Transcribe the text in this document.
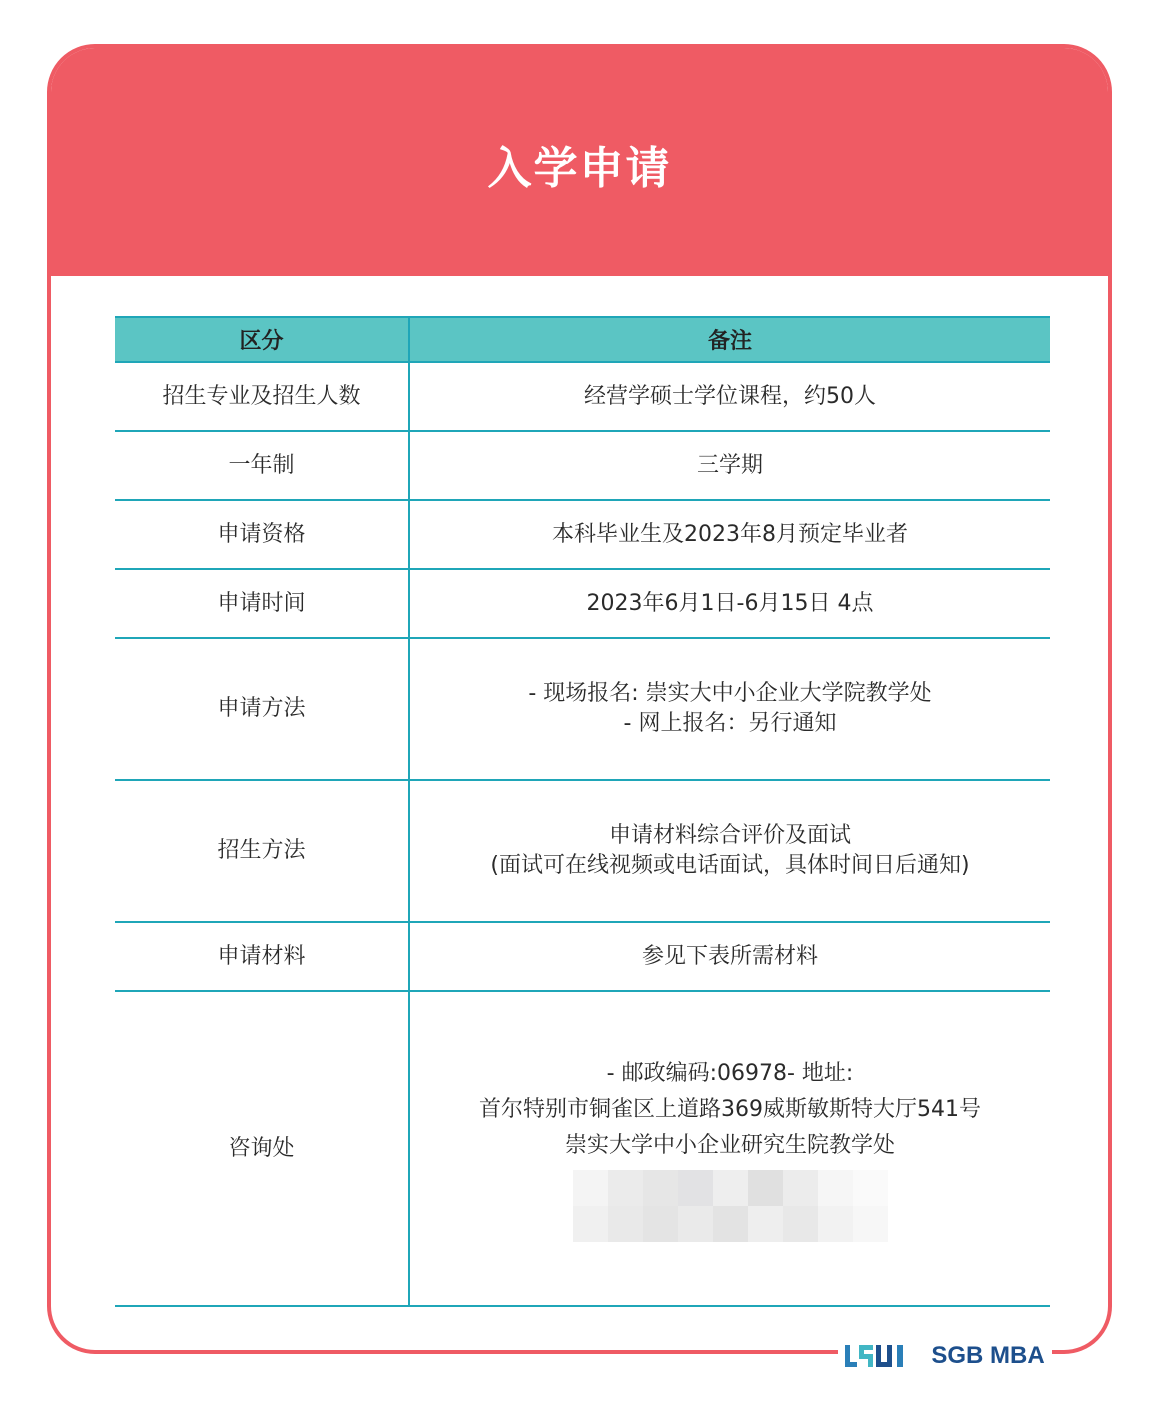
入学申请
区分	备注
招生专业及招生人数	经营学硕士学位课程，约50人

一年制	三学期

申请资格	本科毕业生及2023年8月预定毕业者

申请时间	2023年6月1日-6月15日 4点

申请方法	- 现场报名: 崇实大中小企业大学院教学处
- 网上报名：另行通知

招生方法	申请材料综合评价及面试
(面试可在线视频或电话面试，具体时间日后通知)

申请材料	参见下表所需材料

咨询处	- 邮政编码:06978- 地址:
首尔特别市铜雀区上道路369威斯敏斯特大厅541号
崇实大学中小企业研究生院教学处
SGB MBA
